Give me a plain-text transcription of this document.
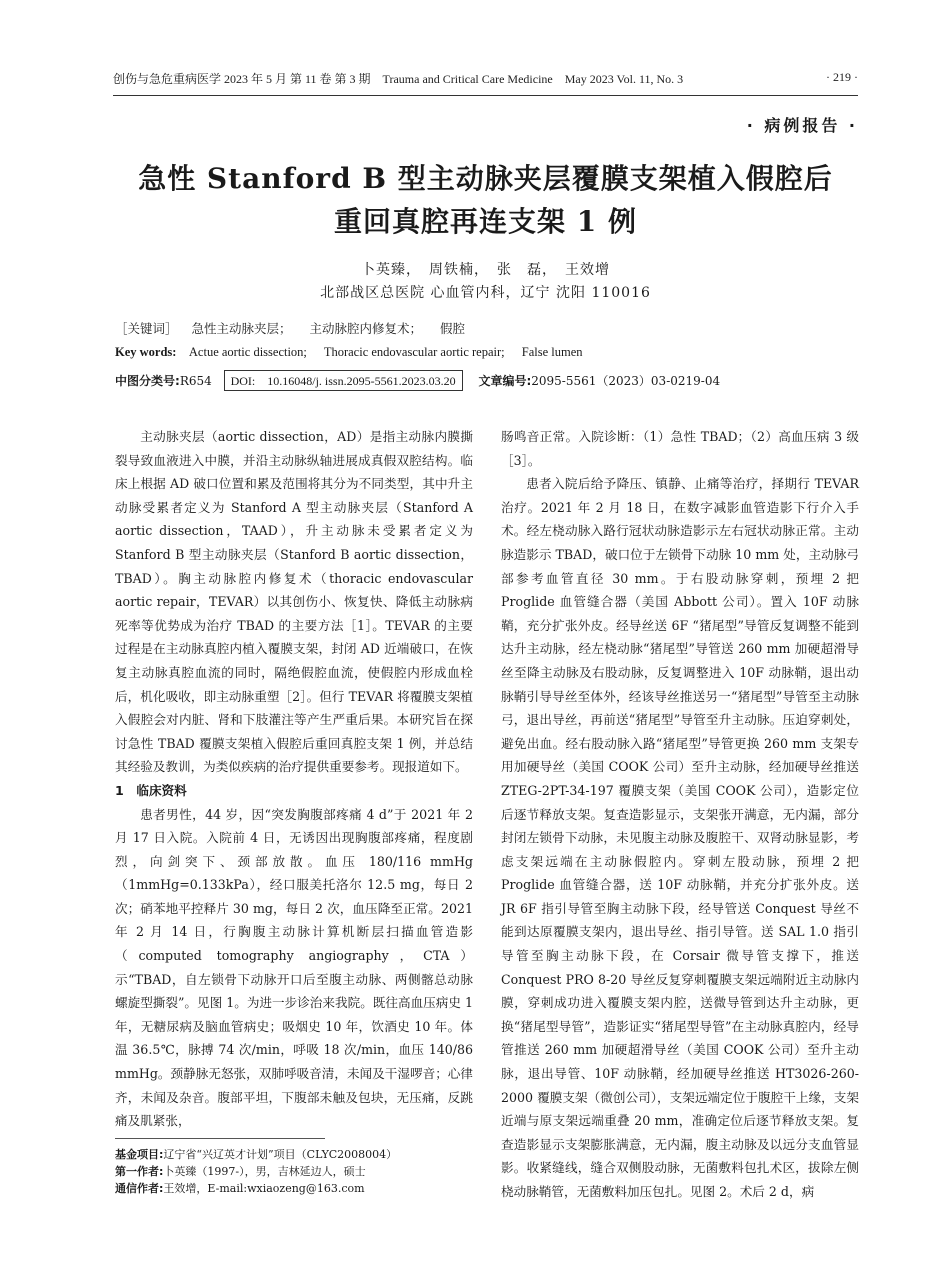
创伤与急危重病医学 2023 年 5 月 第 11 卷 第 3 期　Trauma and Critical Care Medicine　May 2023 Vol. 11, No. 3	· 219 ·
· 病例报告 ·
急性 Stanford B 型主动脉夹层覆膜支架植入假腔后
重回真腔再连支架 1 例
卜英臻，　周铁楠，　张　磊，　王效增
北部战区总医院 心血管内科，辽宁 沈阳 110016
［关键词］ 急性主动脉夹层； 主动脉腔内修复术； 假腔
Key words: Actue aortic dissection; Thoracic endovascular aortic repair; False lumen
中图分类号:R654 DOI:　10.16048/j. issn.2095-5561.2023.03.20 文章编号:2095-5561（2023）03-0219-04

主动脉夹层（aortic dissection，AD）是指主动脉内膜撕裂导致血液进入中膜，并沿主动脉纵轴进展成真假双腔结构。临床上根据 AD 破口位置和累及范围将其分为不同类型，其中升主动脉受累者定义为 Stanford A 型主动脉夹层（Stanford A aortic dissection，TAAD），升主动脉未受累者定义为 Stanford B 型主动脉夹层（Stanford B aortic dissection，TBAD）。胸主动脉腔内修复术（thoracic endovascular aortic repair，TEVAR）以其创伤小、恢复快、降低主动脉病死率等优势成为治疗 TBAD 的主要方法［1］。TEVAR 的主要过程是在主动脉真腔内植入覆膜支架，封闭 AD 近端破口，在恢复主动脉真腔血流的同时，隔绝假腔血流，使假腔内形成血栓后，机化吸收，即主动脉重塑［2］。但行 TEVAR 将覆膜支架植入假腔会对内脏、肾和下肢灌注等产生严重后果。本研究旨在探讨急性 TBAD 覆膜支架植入假腔后重回真腔支架 1 例，并总结其经验及教训，为类似疾病的治疗提供重要参考。现报道如下。

1　临床资料

患者男性，44 岁，因“突发胸腹部疼痛 4 d”于 2021 年 2 月 17 日入院。入院前 4 日，无诱因出现胸腹部疼痛，程度剧烈，向剑突下、颈部放散。血压 180/116 mmHg（1mmHg=0.133kPa），经口服美托洛尔 12.5 mg，每日 2 次；硝苯地平控释片 30 mg，每日 2 次，血压降至正常。2021 年 2 月 14 日，行胸腹主动脉计算机断层扫描血管造影（computed tomography angiography，CTA）示“TBAD，自左锁骨下动脉开口后至腹主动脉、两侧髂总动脉螺旋型撕裂”。见图 1。为进一步诊治来我院。既往高血压病史 1 年，无糖尿病及脑血管病史；吸烟史 10 年，饮酒史 10 年。体温 36.5℃，脉搏 74 次/min，呼吸 18 次/min，血压 140/86 mmHg。颈静脉无怒张，双肺呼吸音清，未闻及干湿啰音；心律齐，未闻及杂音。腹部平坦，下腹部未触及包块，无压痛，反跳痛及肌紧张，

肠鸣音正常。入院诊断：（1）急性 TBAD；（2）高血压病 3 级［3］。

患者入院后给予降压、镇静、止痛等治疗，择期行 TEVAR 治疗。2021 年 2 月 18 日，在数字减影血管造影下行介入手术。经左桡动脉入路行冠状动脉造影示左右冠状动脉正常。主动脉造影示 TBAD，破口位于左锁骨下动脉 10 mm 处，主动脉弓部参考血管直径 30 mm。于右股动脉穿刺，预埋 2 把 Proglide 血管缝合器（美国 Abbott 公司）。置入 10F 动脉鞘，充分扩张外皮。经导丝送 6F “猪尾型”导管反复调整不能到达升主动脉，经左桡动脉“猪尾型”导管送 260 mm 加硬超滑导丝至降主动脉及右股动脉，反复调整进入 10F 动脉鞘，退出动脉鞘引导导丝至体外，经该导丝推送另一“猪尾型”导管至主动脉弓，退出导丝，再前送“猪尾型”导管至升主动脉。压迫穿刺处，避免出血。经右股动脉入路“猪尾型”导管更换 260 mm 支架专用加硬导丝（美国 COOK 公司）至升主动脉，经加硬导丝推送 ZTEG-2PT-34-197 覆膜支架（美国 COOK 公司），造影定位后逐节释放支架。复查造影显示，支架张开满意，无内漏，部分封闭左锁骨下动脉，未见腹主动脉及腹腔干、双肾动脉显影，考虑支架远端在主动脉假腔内。穿刺左股动脉，预埋 2 把 Proglide 血管缝合器，送 10F 动脉鞘，并充分扩张外皮。送 JR 6F 指引导管至胸主动脉下段，经导管送 Conquest 导丝不能到达原覆膜支架内，退出导丝、指引导管。送 SAL 1.0 指引导管至胸主动脉下段，在 Corsair 微导管支撑下，推送 Conquest PRO 8-20 导丝反复穿刺覆膜支架远端附近主动脉内膜，穿刺成功进入覆膜支架内腔，送微导管到达升主动脉，更换“猪尾型导管”，造影证实“猪尾型导管”在主动脉真腔内，经导管推送 260 mm 加硬超滑导丝（美国 COOK 公司）至升主动脉，退出导管、10F 动脉鞘，经加硬导丝推送 HT3026-260-2000 覆膜支架（微创公司），支架远端定位于腹腔干上缘，支架近端与原支架远端重叠 20 mm，准确定位后逐节释放支架。复查造影显示支架膨胀满意，无内漏，腹主动脉及以远分支血管显影。收紧缝线，缝合双侧股动脉，无菌敷料包扎术区，拔除左侧桡动脉鞘管，无菌敷料加压包扎。见图 2。术后 2 d，病

基金项目:辽宁省“兴辽英才计划”项目（CLYC2008004）
第一作者:卜英臻（1997-），男，吉林延边人，硕士
通信作者:王效增，E-mail:wxiaozeng@163.com
